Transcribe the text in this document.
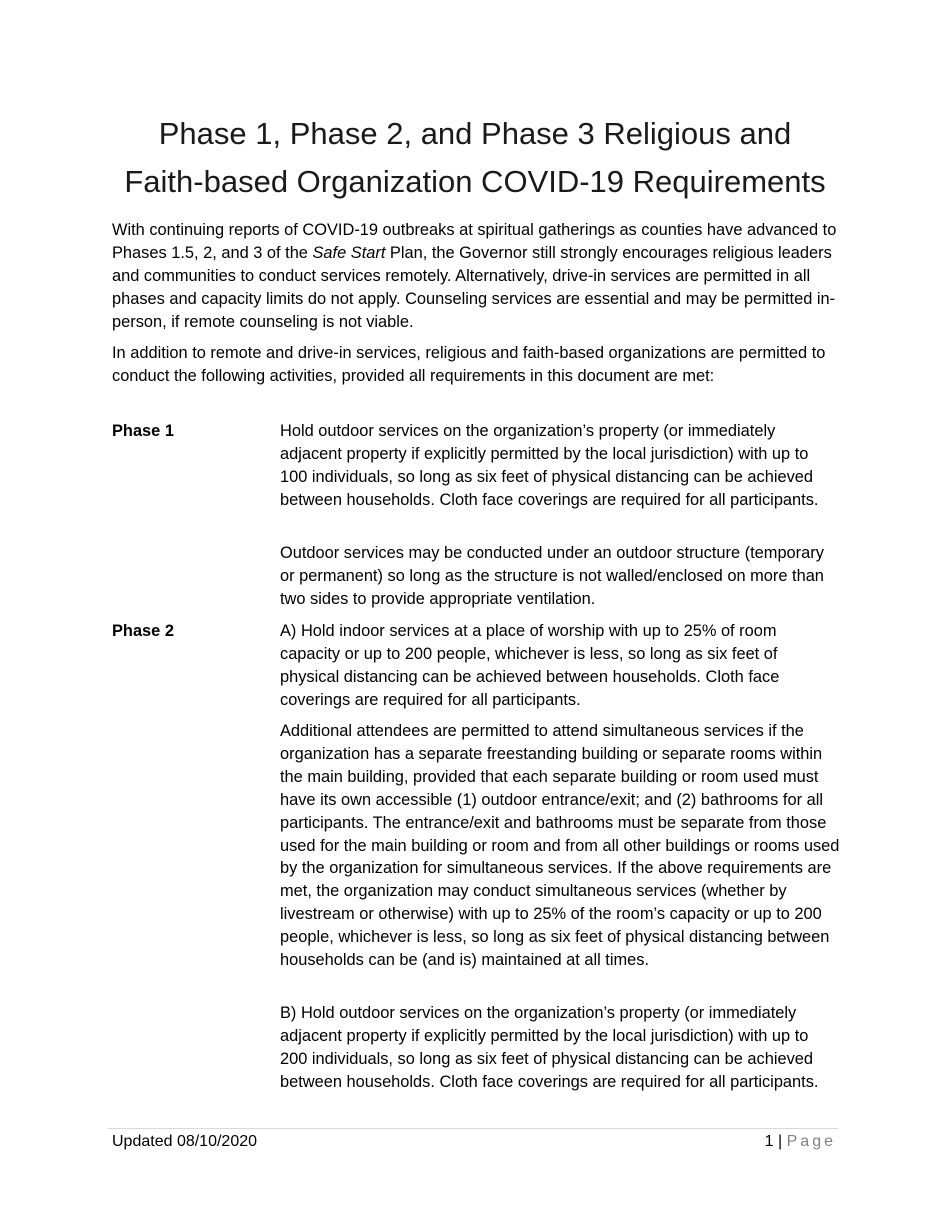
Phase 1, Phase 2, and Phase 3 Religious and
Faith-based Organization COVID-19 Requirements
With continuing reports of COVID-19 outbreaks at spiritual gatherings as counties have advanced to Phases 1.5, 2, and 3 of the Safe Start Plan, the Governor still strongly encourages religious leaders and communities to conduct services remotely. Alternatively, drive-in services are permitted in all phases and capacity limits do not apply. Counseling services are essential and may be permitted in-person, if remote counseling is not viable.
In addition to remote and drive-in services, religious and faith-based organizations are permitted to conduct the following activities, provided all requirements in this document are met:
Phase 1	Hold outdoor services on the organization’s property (or immediately adjacent property if explicitly permitted by the local jurisdiction) with up to 100 individuals, so long as six feet of physical distancing can be achieved between households. Cloth face coverings are required for all participants.
Outdoor services may be conducted under an outdoor structure (temporary or permanent) so long as the structure is not walled/enclosed on more than two sides to provide appropriate ventilation.
Phase 2	A) Hold indoor services at a place of worship with up to 25% of room capacity or up to 200 people, whichever is less, so long as six feet of physical distancing can be achieved between households. Cloth face coverings are required for all participants.
Additional attendees are permitted to attend simultaneous services if the organization has a separate freestanding building or separate rooms within the main building, provided that each separate building or room used must have its own accessible (1) outdoor entrance/exit; and (2) bathrooms for all participants. The entrance/exit and bathrooms must be separate from those used for the main building or room and from all other buildings or rooms used by the organization for simultaneous services. If the above requirements are met, the organization may conduct simultaneous services (whether by livestream or otherwise) with up to 25% of the room’s capacity or up to 200 people, whichever is less, so long as six feet of physical distancing between households can be (and is) maintained at all times.
B) Hold outdoor services on the organization’s property (or immediately adjacent property if explicitly permitted by the local jurisdiction) with up to 200 individuals, so long as six feet of physical distancing can be achieved between households. Cloth face coverings are required for all participants.
Updated 08/10/2020	1 | Page
